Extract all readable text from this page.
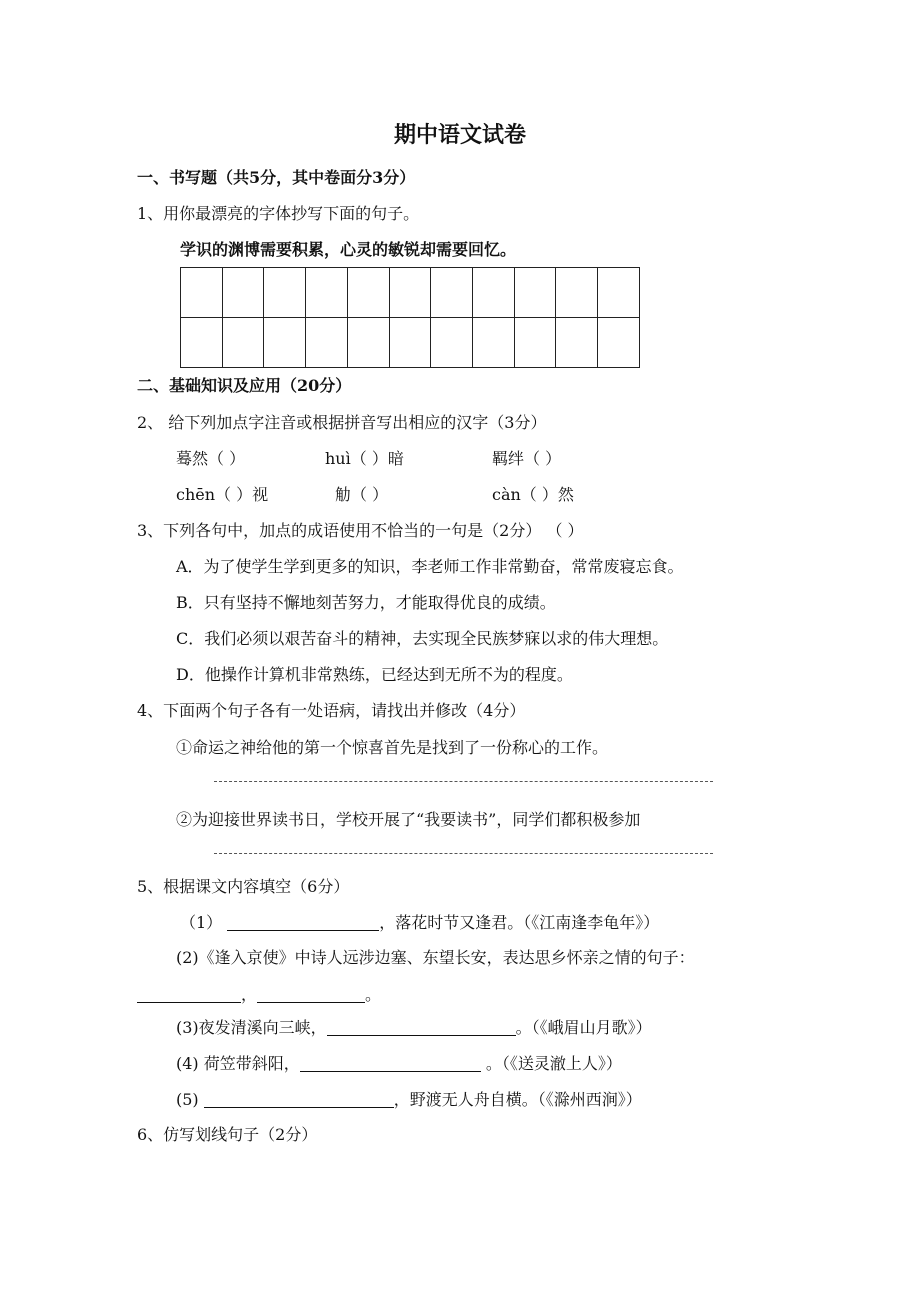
期中语文试卷
一、书写题（共5分，其中卷面分3分）
1、用你最漂亮的字体抄写下面的句子。
学识的渊博需要积累，心灵的敏锐却需要回忆。

二、基础知识及应用（20分）
2、 给下列加点字注音或根据拼音写出相应的汉字（3分）
蓦然（ ）	huì（ ）暗	羁绊（ ）
chēn（ ）视	觔（ ）	càn（ ）然
3、下列各句中，加点的成语使用不恰当的一句是（2分） （ ）
A．为了使学生学到更多的知识，李老师工作非常勤奋，常常废寝忘食。
B．只有坚持不懈地刻苦努力，才能取得优良的成绩。
C．我们必须以艰苦奋斗的精神，去实现全民族梦寐以求的伟大理想。
D．他操作计算机非常熟练，已经达到无所不为的程度。
4、下面两个句子各有一处语病，请找出并修改（4分）
①命运之神给他的第一个惊喜首先是找到了一份称心的工作。
②为迎接世界读书日，学校开展了“我要读书”，同学们都积极参加
5、根据课文内容填空（6分）
（1）	，落花时节又逢君。（《江南逢李龟年》）
(2)《逢入京使》中诗人远涉边塞、东望长安，表达思乡怀亲之情的句子：
，	。
(3)夜发清溪向三峡，	。（《峨眉山月歌》）
(4) 荷笠带斜阳，	。（《送灵澈上人》）
(5)	，野渡无人舟自横。（《滁州西涧》）
6、仿写划线句子（2分）
